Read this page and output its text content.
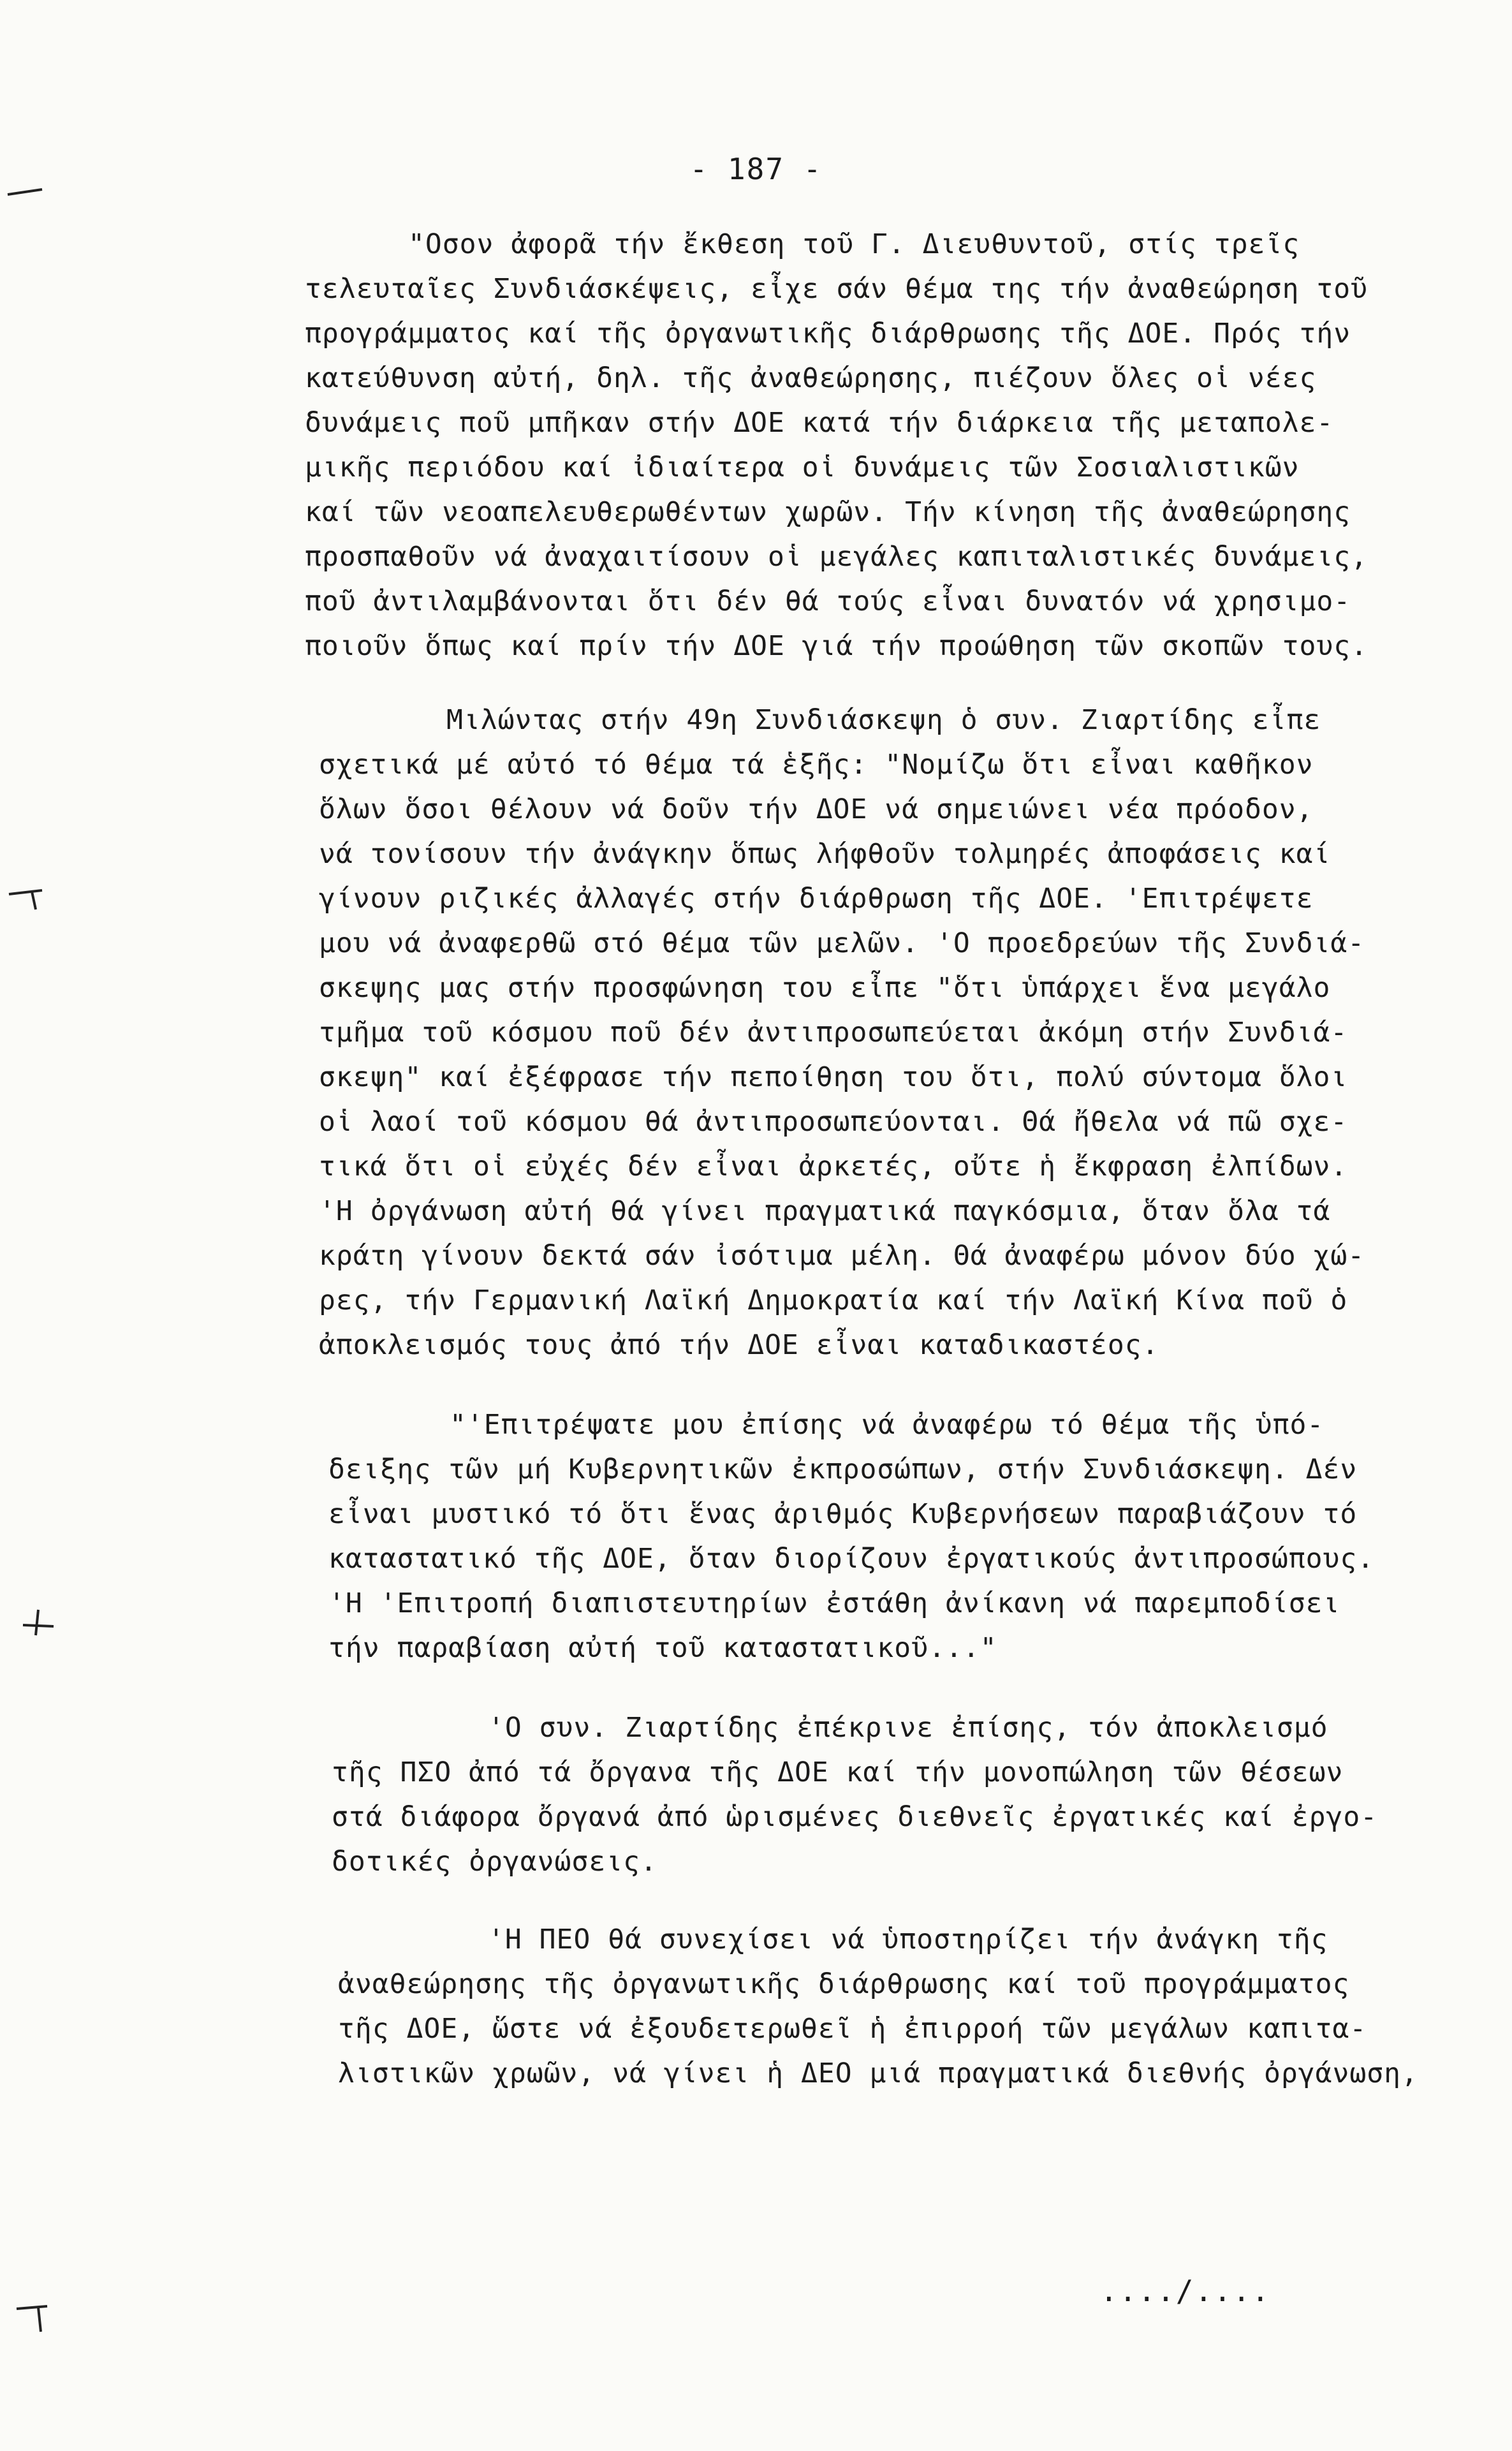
- 187 -
"Οσον ἀφορᾶ τήν ἔκθεση τοῦ Γ. Διευθυντοῦ, στίς τρεῖς
τελευταῖες Συνδιάσκέψεις, εἶχε σάν θέμα της τήν ἀναθεώρηση τοῦ
προγράμματος καί τῆς ὀργανωτικῆς διάρθρωσης τῆς ΔΟΕ. Πρός τήν
κατεύθυνση αὐτή, δηλ. τῆς ἀναθεώρησης, πιέζουν ὅλες οἱ νέες
δυνάμεις ποῦ μπῆκαν στήν ΔΟΕ κατά τήν διάρκεια τῆς μεταπολε-
μικῆς περιόδου καί ἰδιαίτερα οἱ δυνάμεις τῶν Σοσιαλιστικῶν
καί τῶν νεοαπελευθερωθέντων χωρῶν. Τήν κίνηση τῆς ἀναθεώρησης
προσπαθοῦν νά ἀναχαιτίσουν οἱ μεγάλες καπιταλιστικές δυνάμεις,
ποῦ ἀντιλαμβάνονται ὅτι δέν θά τούς εἶναι δυνατόν νά χρησιμο-
ποιοῦν ὅπως καί πρίν τήν ΔΟΕ γιά τήν προώθηση τῶν σκοπῶν τους.
Μιλώντας στήν 49η Συνδιάσκεψη ὁ συν. Ζιαρτίδης εἶπε
σχετικά μέ αὐτό τό θέμα τά ἑξῆς: "Νομίζω ὅτι εἶναι καθῆκον
ὅλων ὅσοι θέλουν νά δοῦν τήν ΔΟΕ νά σημειώνει νέα πρόοδον,
νά τονίσουν τήν ἀνάγκην ὅπως λήφθοῦν τολμηρές ἀποφάσεις καί
γίνουν ριζικές ἀλλαγές στήν διάρθρωση τῆς ΔΟΕ. 'Επιτρέψετε
μου νά ἀναφερθῶ στό θέμα τῶν μελῶν. 'Ο προεδρεύων τῆς Συνδιά-
σκεψης μας στήν προσφώνηση του εἶπε "ὅτι ὑπάρχει ἕνα μεγάλο
τμῆμα τοῦ κόσμου ποῦ δέν ἀντιπροσωπεύεται ἀκόμη στήν Συνδιά-
σκεψη" καί ἐξέφρασε τήν πεποίθηση του ὅτι, πολύ σύντομα ὅλοι
οἱ λαοί τοῦ κόσμου θά ἀντιπροσωπεύονται. Θά ἤθελα νά πῶ σχε-
τικά ὅτι οἱ εὐχές δέν εἶναι ἀρκετές, οὔτε ἡ ἔκφραση ἐλπίδων.
'Η ὀργάνωση αὐτή θά γίνει πραγματικά παγκόσμια, ὅταν ὅλα τά
κράτη γίνουν δεκτά σάν ἰσότιμα μέλη. Θά ἀναφέρω μόνον δύο χώ-
ρες, τήν Γερμανική Λαϊκή Δημοκρατία καί τήν Λαϊκή Κίνα ποῦ ὁ
ἀποκλεισμός τους ἀπό τήν ΔΟΕ εἶναι καταδικαστέος.
"'Επιτρέψατε μου ἐπίσης νά ἀναφέρω τό θέμα τῆς ὑπό-
δειξης τῶν μή Κυβερνητικῶν ἐκπροσώπων, στήν Συνδιάσκεψη. Δέν
εἶναι μυστικό τό ὅτι ἕνας ἀριθμός Κυβερνήσεων παραβιάζουν τό
καταστατικό τῆς ΔΟΕ, ὅταν διορίζουν ἐργατικούς ἀντιπροσώπους.
'Η 'Επιτροπή διαπιστευτηρίων ἐστάθη ἀνίκανη νά παρεμποδίσει
τήν παραβίαση αὐτή τοῦ καταστατικοῦ..."
'Ο συν. Ζιαρτίδης ἐπέκρινε ἐπίσης, τόν ἀποκλεισμό
τῆς ΠΣΟ ἀπό τά ὄργανα τῆς ΔΟΕ καί τήν μονοπώληση τῶν θέσεων
στά διάφορα ὄργανά ἀπό ὡρισμένες διεθνεῖς ἐργατικές καί ἐργο-
δοτικές ὀργανώσεις.
'Η ΠΕΟ θά συνεχίσει νά ὑποστηρίζει τήν ἀνάγκη τῆς
ἀναθεώρησης τῆς ὀργανωτικῆς διάρθρωσης καί τοῦ προγράμματος
τῆς ΔΟΕ, ὥστε νά ἐξουδετερωθεῖ ἡ ἐπιρροή τῶν μεγάλων καπιτα-
λιστικῶν χρωῶν, νά γίνει ἡ ΔΕΟ μιά πραγματικά διεθνής ὀργάνωση,
..../....
